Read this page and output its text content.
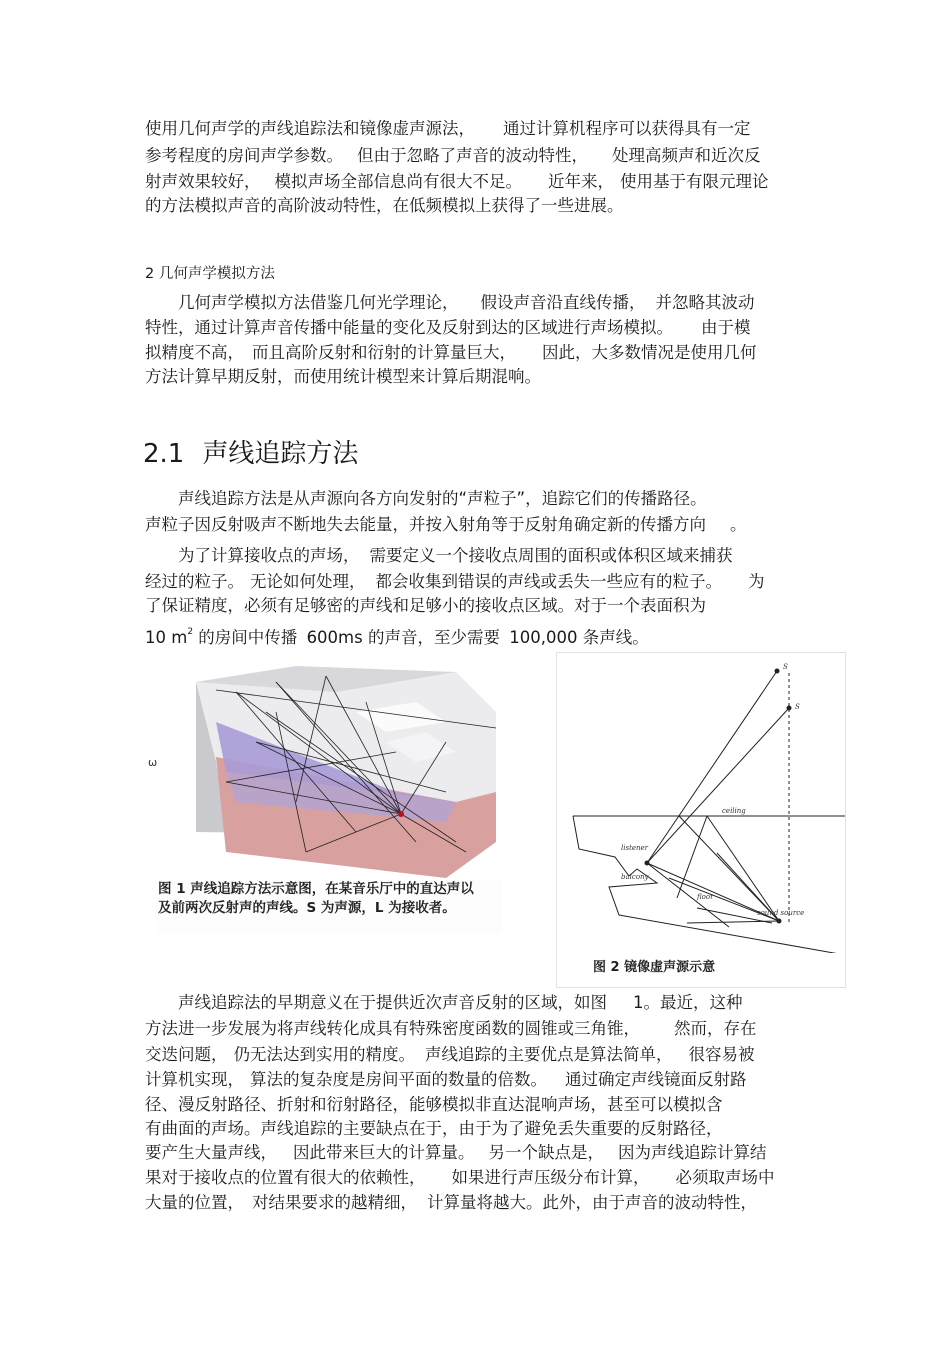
使用几何声学的声线追踪法和镜像虚声源法， 通过计算机程序可以获得具有一定
参考程度的房间声学参数。 但由于忽略了声音的波动特性， 处理高频声和近次反
射声效果较好， 模拟声场全部信息尚有很大不足。 近年来， 使用基于有限元理论
的方法模拟声音的高阶波动特性，在低频模拟上获得了一些进展。
2 几何声学模拟方法
　　几何声学模拟方法借鉴几何光学理论， 假设声音沿直线传播， 并忽略其波动
特性，通过计算声音传播中能量的变化及反射到达的区域进行声场模拟。 由于模
拟精度不高， 而且高阶反射和衍射的计算量巨大， 因此，大多数情况是使用几何
方法计算早期反射，而使用统计模型来计算后期混响。
2.1 声线追踪方法
　　声线追踪方法是从声源向各方向发射的“声粒子”，追踪它们的传播路径。
声粒子因反射吸声不断地失去能量，并按入射角等于反射角确定新的传播方向 。
　　为了计算接收点的声场， 需要定义一个接收点周围的面积或体积区域来捕获
经过的粒子。 无论如何处理， 都会收集到错误的声线或丢失一些应有的粒子。 为
了保证精度，必须有足够密的声线和足够小的接收点区域。对于一个表面积为
10 $m^2$ 的房间中传播 600ms 的声音，至少需要 100,000 条声线。
ω
图 1 声线追踪方法示意图，在某音乐厅中的直达声以
及前两次反射声的声线。S 为声源，L 为接收者。
S
S
ceiling
listener
balcony
floor
sound source
图 2 镜像虚声源示意
　　声线追踪法的早期意义在于提供近次声音反射的区域，如图 1。最近，这种
方法进一步发展为将声线转化成具有特殊密度函数的圆锥或三角锥， 然而，存在
交迭问题， 仍无法达到实用的精度。 声线追踪的主要优点是算法简单， 很容易被
计算机实现， 算法的复杂度是房间平面的数量的倍数。 通过确定声线镜面反射路
径、漫反射路径、折射和衍射路径，能够模拟非直达混响声场，甚至可以模拟含
有曲面的声场。声线追踪的主要缺点在于，由于为了避免丢失重要的反射路径，
要产生大量声线， 因此带来巨大的计算量。 另一个缺点是， 因为声线追踪计算结
果对于接收点的位置有很大的依赖性， 如果进行声压级分布计算， 必须取声场中
大量的位置， 对结果要求的越精细， 计算量将越大。此外，由于声音的波动特性，
